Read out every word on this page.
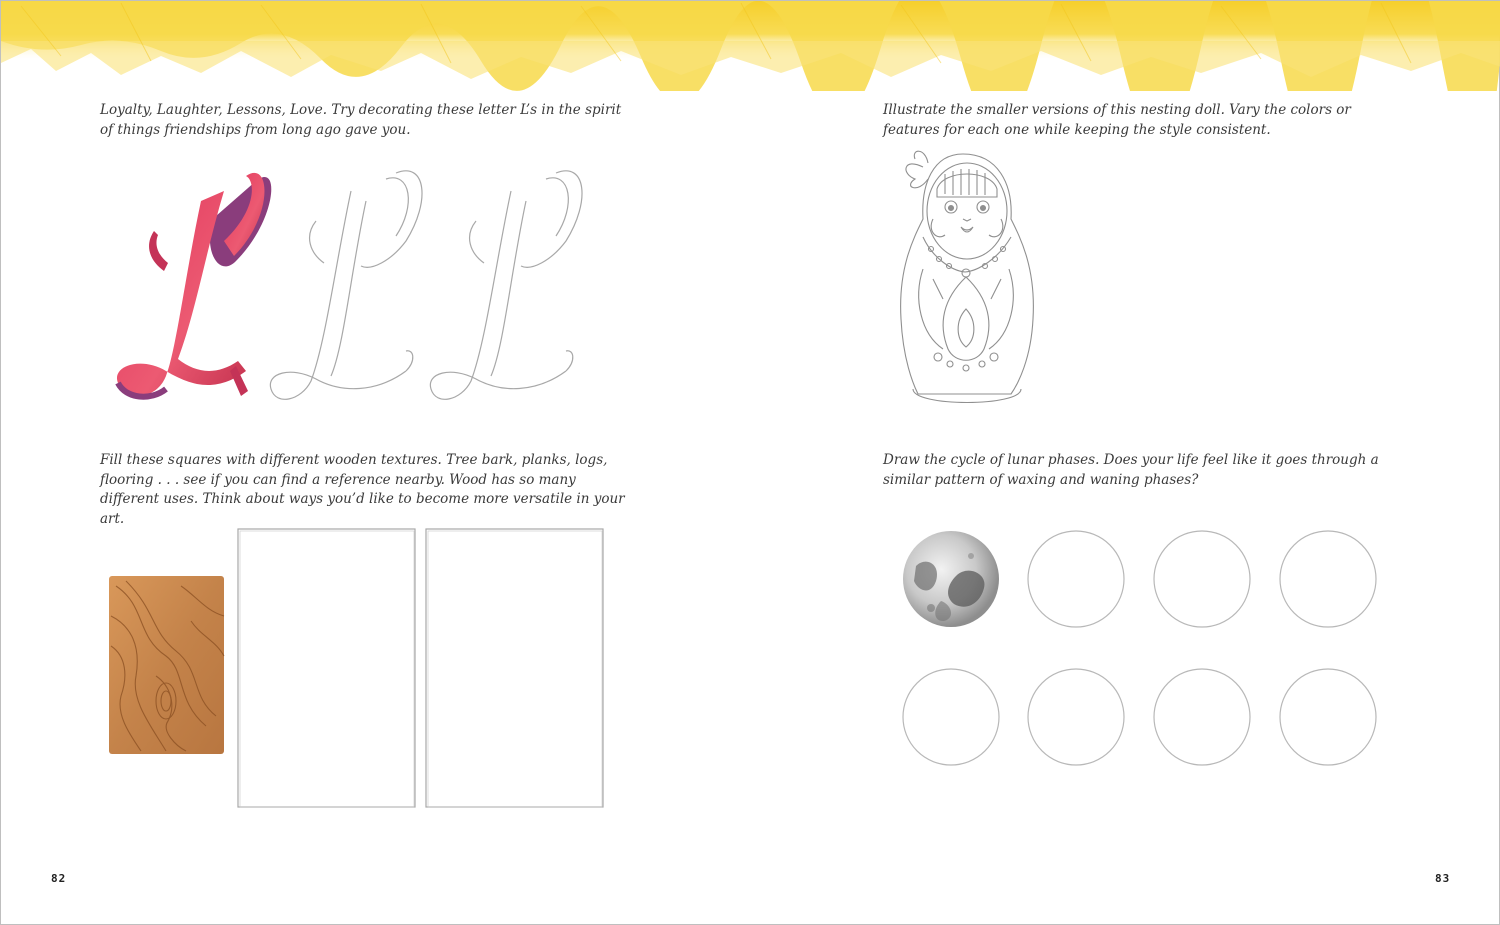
Loyalty, Laughter, Lessons, Love. Try decorating these letter L’s in the spirit of things friendships from long ago gave you.

Fill these squares with different wooden textures. Tree bark, planks, logs, flooring . . . see if you can find a reference nearby. Wood has so many different uses. Think about ways you’d like to become more versatile in your art.

82

Illustrate the smaller versions of this nesting doll. Vary the colors or features for each one while keeping the style consistent.

Draw the cycle of lunar phases. Does your life feel like it goes through a similar pattern of waxing and waning phases?

83
